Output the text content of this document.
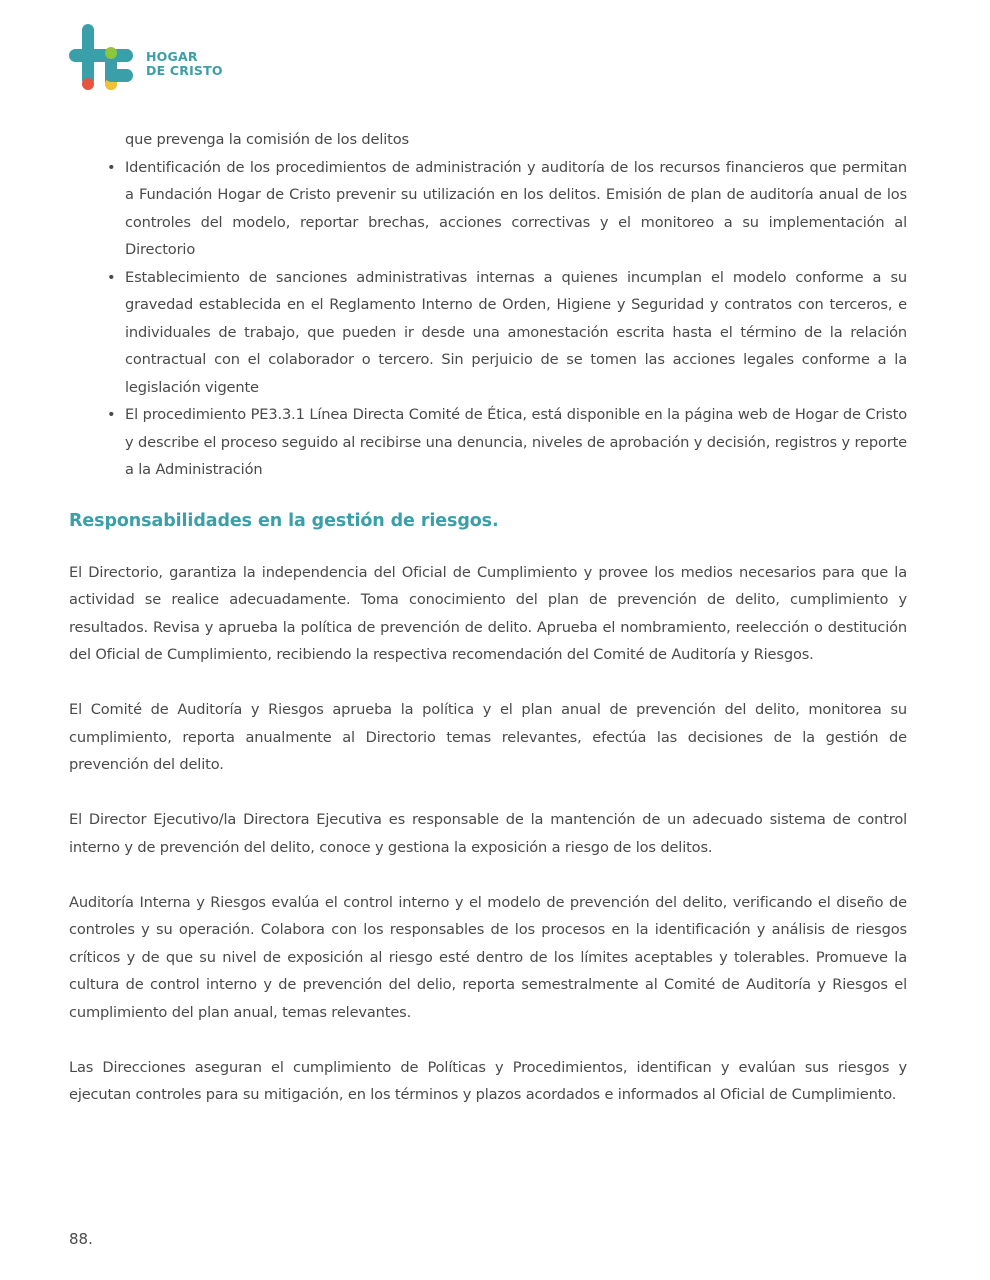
HOGAR
DE CRISTO
que prevenga la comisión de los delitos
• Identificación de los procedimientos de administración y auditoría de los recursos financieros que permitan a Fundación Hogar de Cristo prevenir su utilización en los delitos. Emisión de plan de auditoría anual de los controles del modelo, reportar brechas, acciones correctivas y el monitoreo a su implementación al Directorio
• Establecimiento de sanciones administrativas internas a quienes incumplan el modelo conforme a su gravedad establecida en el Reglamento Interno de Orden, Higiene y Seguridad y contratos con terceros, e individuales de trabajo, que pueden ir desde una amonestación escrita hasta el término de la relación contractual con el colaborador o tercero. Sin perjuicio de se tomen las acciones legales conforme a la legislación vigente
• El procedimiento PE3.3.1 Línea Directa Comité de Ética, está disponible en la página web de Hogar de Cristo y describe el proceso seguido al recibirse una denuncia, niveles de aprobación y decisión, registros y reporte a la Administración
Responsabilidades en la gestión de riesgos.

El Directorio, garantiza la independencia del Oficial de Cumplimiento y provee los medios necesarios para que la actividad se realice adecuadamente. Toma conocimiento del plan de prevención de delito, cumplimiento y resultados. Revisa y aprueba la política de prevención de delito. Aprueba el nombramiento, reelección o destitución del Oficial de Cumplimiento, recibiendo la respectiva recomendación del Comité de Auditoría y Riesgos.

El Comité de Auditoría y Riesgos aprueba la política y el plan anual de prevención del delito, monitorea su cumplimiento, reporta anualmente al Directorio temas relevantes, efectúa las decisiones de la gestión de prevención del delito.

El Director Ejecutivo/la Directora Ejecutiva es responsable de la mantención de un adecuado sistema de control interno y de prevención del delito, conoce y gestiona la exposición a riesgo de los delitos.

Auditoría Interna y Riesgos evalúa el control interno y el modelo de prevención del delito, verificando el diseño de controles y su operación. Colabora con los responsables de los procesos en la identificación y análisis de riesgos críticos y de que su nivel de exposición al riesgo esté dentro de los límites aceptables y tolerables. Promueve la cultura de control interno y de prevención del delio, reporta semestralmente al Comité de Auditoría y Riesgos el cumplimiento del plan anual, temas relevantes.

Las Direcciones aseguran el cumplimiento de Políticas y Procedimientos, identifican y evalúan sus riesgos y ejecutan controles para su mitigación, en los términos y plazos acordados e informados al Oficial de Cumplimiento.

88.
